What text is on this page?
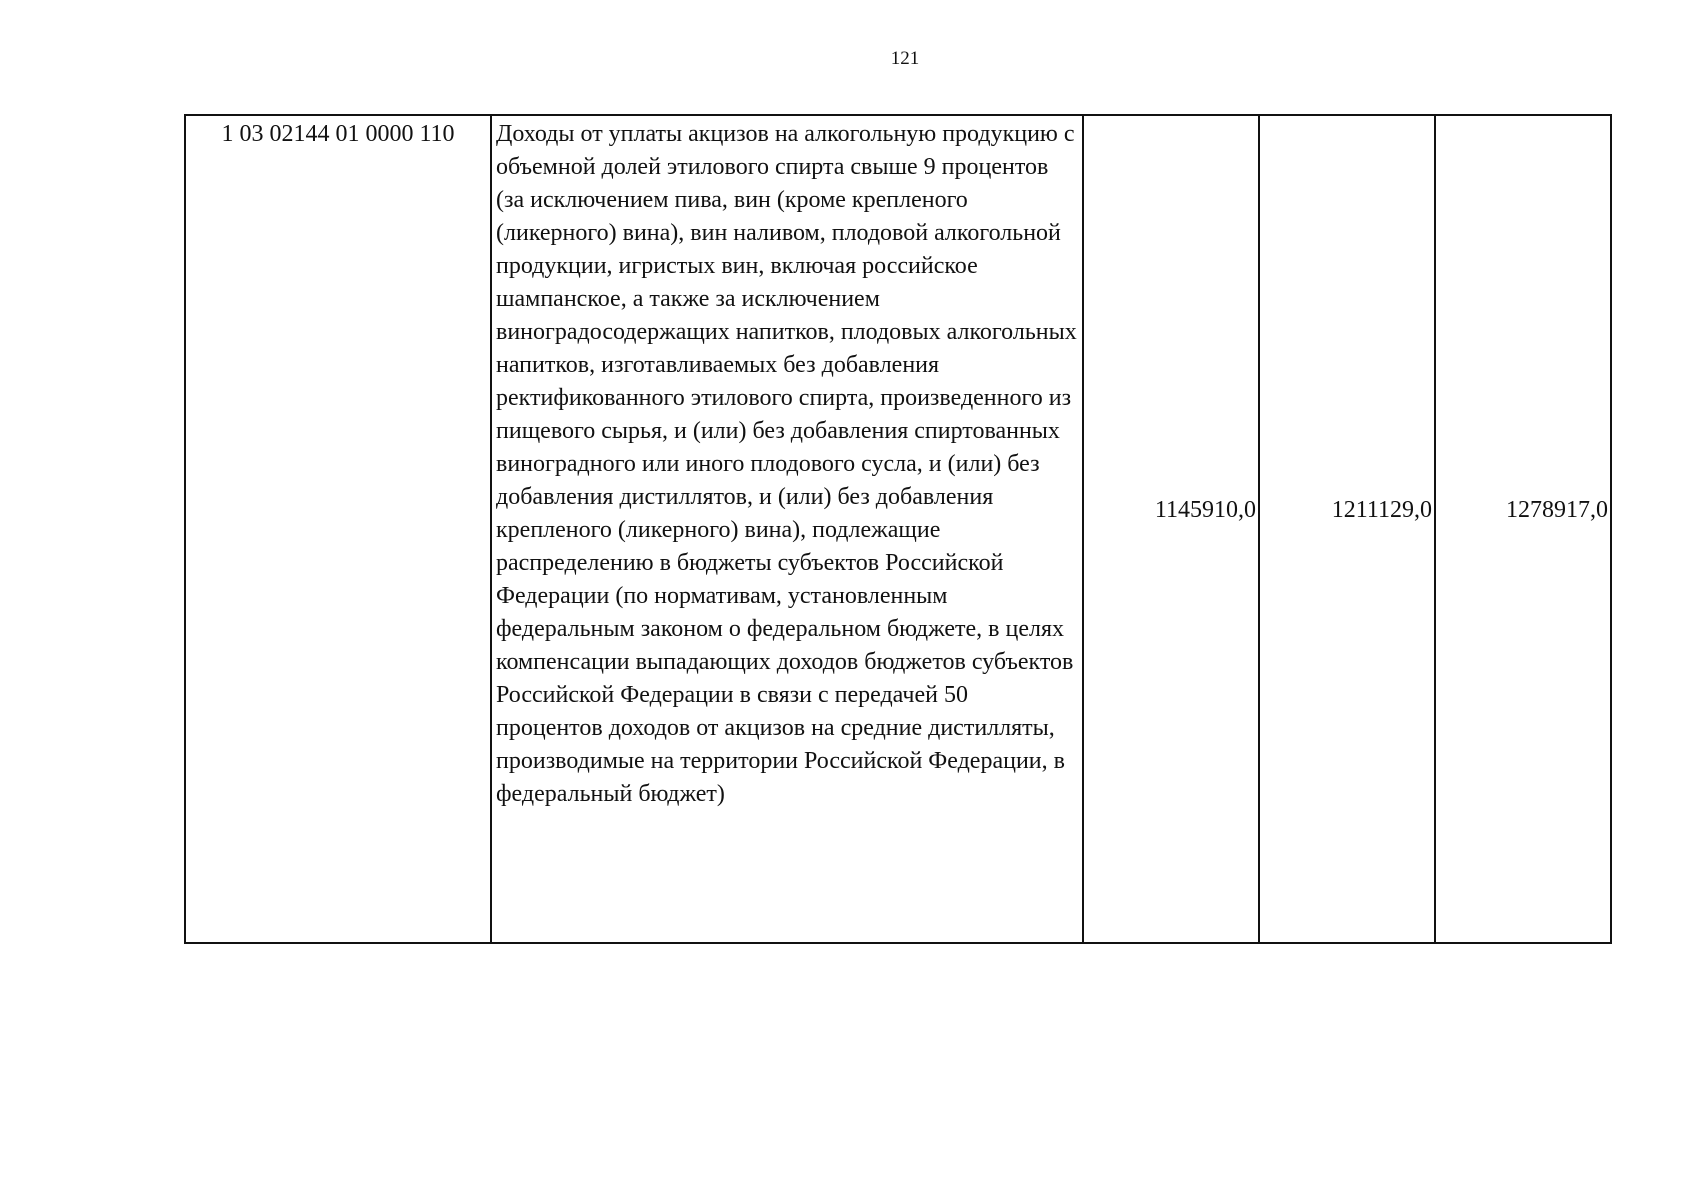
121
1 03 02144 01 0000 110	Доходы от уплаты акцизов на алкогольную продукцию с объемной долей этилового спирта свыше 9 процентов (за исключением пива, вин (кроме крепленого (ликерного) вина), вин наливом, плодовой алкогольной продукции, игристых вин, включая российское шампанское, а также за исключением виноградосодержащих напитков, плодовых алкогольных напитков, изготавливаемых без добавления ректификованного этилового спирта, произведенного из пищевого сырья, и (или) без добавления спиртованных виноградного или иного плодового сусла, и (или) без добавления дистиллятов, и (или) без добавления крепленого (ликерного) вина), подлежащие распределению в бюджеты субъектов Российской Федерации (по нормативам, установленным федеральным законом о федеральном бюджете, в целях компенсации выпадающих доходов бюджетов субъектов Российской Федерации в связи с передачей 50 процентов доходов от акцизов на средние дистилляты, производимые на территории Российской Федерации, в федеральный бюджет)	1145910,0	1211129,0	1278917,0
